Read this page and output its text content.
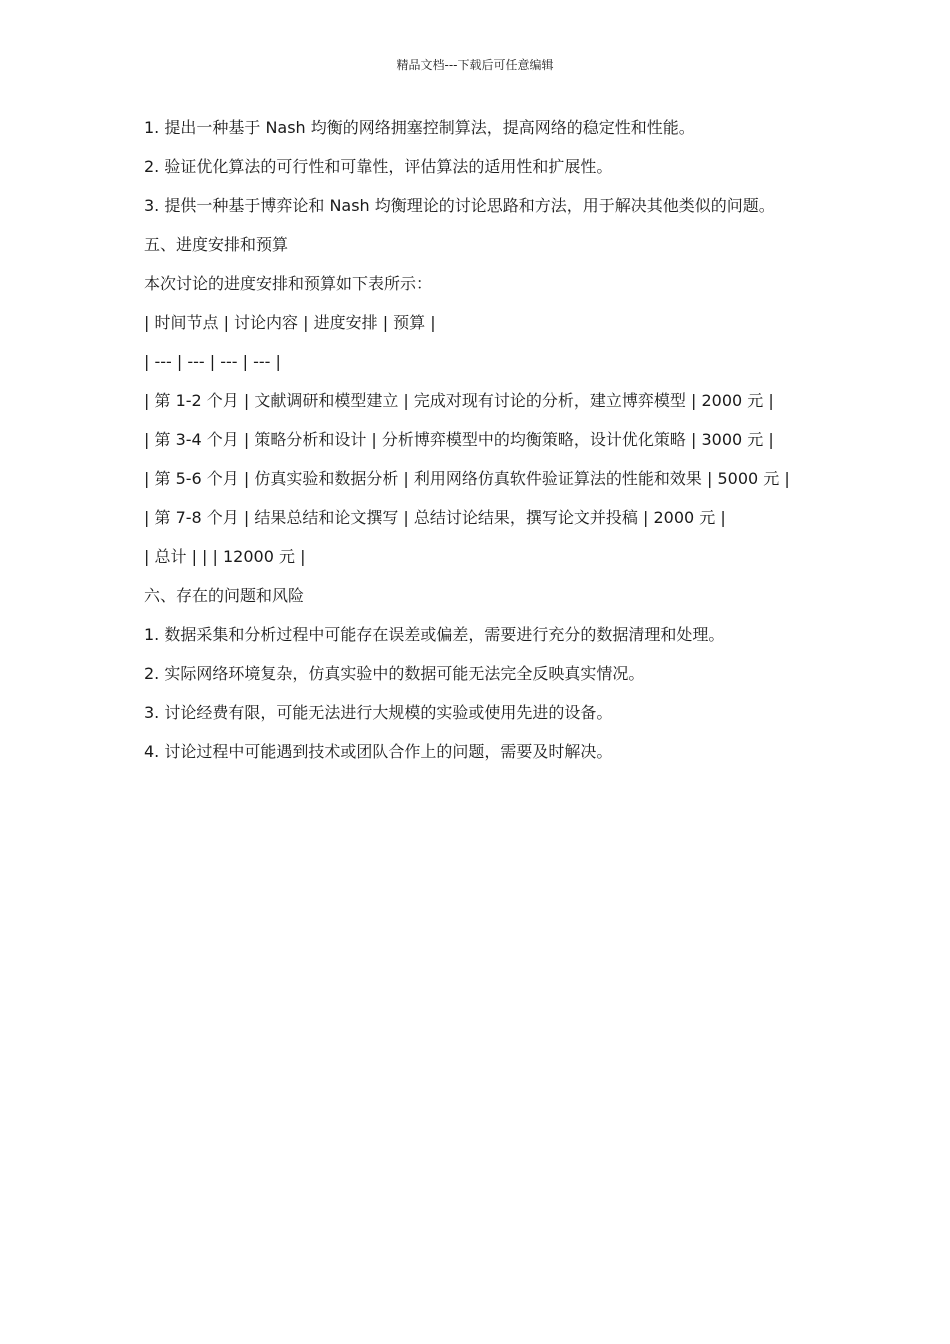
精品文档---下载后可任意编辑

1. 提出一种基于 Nash 均衡的网络拥塞控制算法，提高网络的稳定性和性能。

2. 验证优化算法的可行性和可靠性，评估算法的适用性和扩展性。

3. 提供一种基于博弈论和 Nash 均衡理论的讨论思路和方法，用于解决其他类似的问题。

五、进度安排和预算

本次讨论的进度安排和预算如下表所示：

| 时间节点 | 讨论内容 | 进度安排 | 预算 |

| --- | --- | --- | --- |

| 第 1-2 个月 | 文献调研和模型建立 | 完成对现有讨论的分析，建立博弈模型 | 2000 元 |

| 第 3-4 个月 | 策略分析和设计 | 分析博弈模型中的均衡策略，设计优化策略 | 3000 元 |

| 第 5-6 个月 | 仿真实验和数据分析 | 利用网络仿真软件验证算法的性能和效果 | 5000 元 |

| 第 7-8 个月 | 结果总结和论文撰写 | 总结讨论结果，撰写论文并投稿 | 2000 元 |

| 总计 | | | 12000 元 |

六、存在的问题和风险

1. 数据采集和分析过程中可能存在误差或偏差，需要进行充分的数据清理和处理。

2. 实际网络环境复杂，仿真实验中的数据可能无法完全反映真实情况。

3. 讨论经费有限，可能无法进行大规模的实验或使用先进的设备。

4. 讨论过程中可能遇到技术或团队合作上的问题，需要及时解决。
